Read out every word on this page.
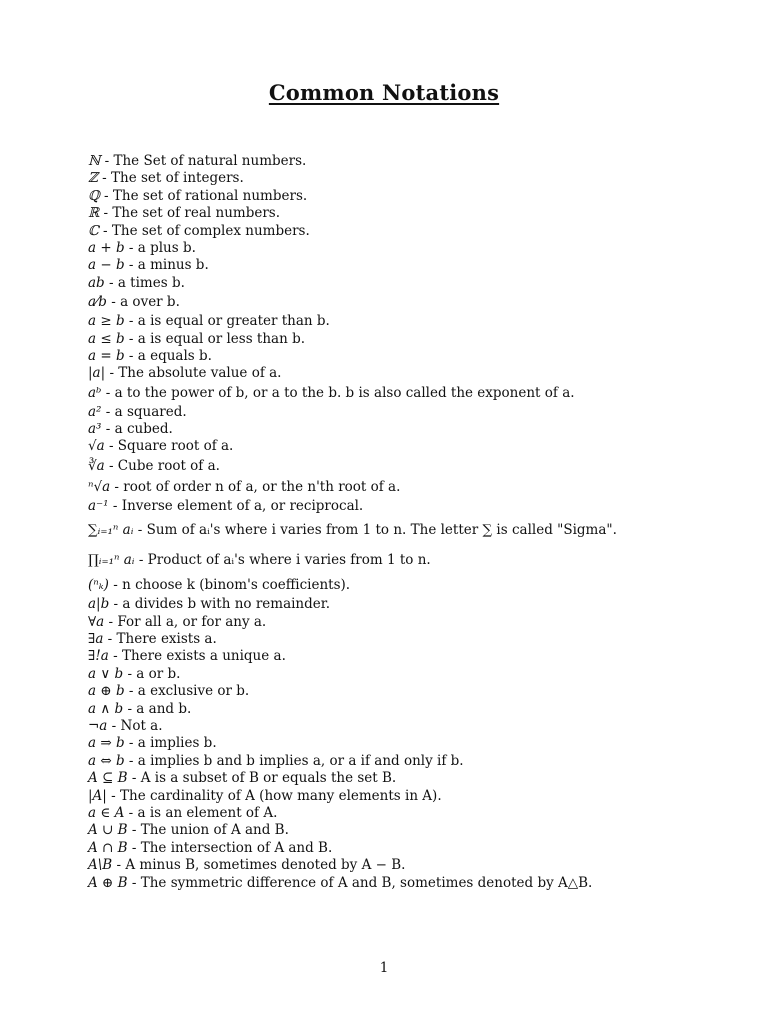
Common Notations
ℕ - The Set of natural numbers.
ℤ - The set of integers.
ℚ - The set of rational numbers.
ℝ - The set of real numbers.
ℂ - The set of complex numbers.
a + b - a plus b.
a − b - a minus b.
ab - a times b.
a⁄b - a over b.
a ≥ b - a is equal or greater than b.
a ≤ b - a is equal or less than b.
a = b - a equals b.
|a| - The absolute value of a.
aᵇ - a to the power of b, or a to the b. b is also called the exponent of a.
a² - a squared.
a³ - a cubed.
√a - Square root of a.
∛a - Cube root of a.
ⁿ√a - root of order n of a, or the n'th root of a.
a⁻¹ - Inverse element of a, or reciprocal.
∑ᵢ₌₁ⁿ aᵢ - Sum of aᵢ's where i varies from 1 to n. The letter ∑ is called "Sigma".
∏ᵢ₌₁ⁿ aᵢ - Product of aᵢ's where i varies from 1 to n.
(ⁿₖ) - n choose k (binom's coefficients).
a|b - a divides b with no remainder.
∀a - For all a, or for any a.
∃a - There exists a.
∃!a - There exists a unique a.
a ∨ b - a or b.
a ⊕ b - a exclusive or b.
a ∧ b - a and b.
¬a - Not a.
a ⇒ b - a implies b.
a ⇔ b - a implies b and b implies a, or a if and only if b.
A ⊆ B - A is a subset of B or equals the set B.
|A| - The cardinality of A (how many elements in A).
a ∈ A - a is an element of A.
A ∪ B - The union of A and B.
A ∩ B - The intersection of A and B.
A\B - A minus B, sometimes denoted by A − B.
A ⊕ B - The symmetric difference of A and B, sometimes denoted by A△B.
1
